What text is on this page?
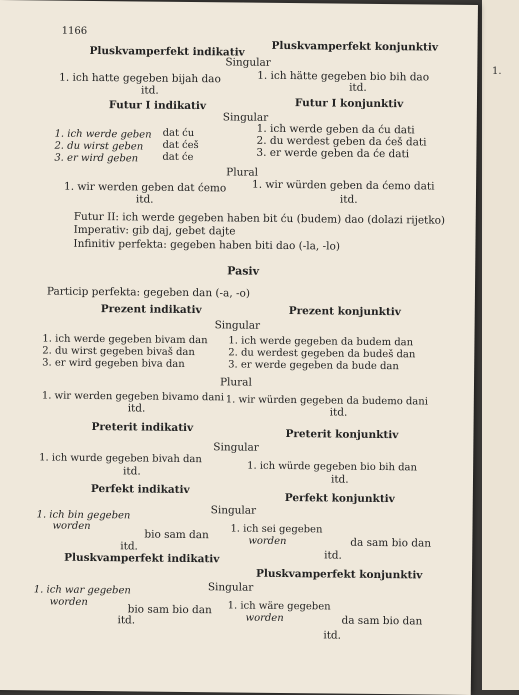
1.
1166
Pluskvamperfekt indikativ	Pluskvamperfekt konjunktiv
Singular
1. ich hatte gegeben bijah dao
itd.
1. ich hätte gegeben bio bih dao
itd.
Futur I indikativ	Futur I konjunktiv
Singular
1. ich werde geben dat ću
2. du wirst geben dat ćeš
3. er wird geben dat će
1. ich werde geben da ću dati
2. du werdest geben da ćeš dati
3. er werde geben da će dati
Plural
1. wir werden geben dat ćemo
itd.
1. wir würden geben da ćemo dati
itd.
Futur II: ich werde gegeben haben bit ću (budem) dao (dolazi rijetko)
Imperativ: gib daj, gebet dajte
Infinitiv perfekta: gegeben haben biti dao (-la, -lo)
Pasiv
Particip perfekta: gegeben dan (-a, -o)
Prezent indikativ	Prezent konjunktiv
Singular
1. ich werde gegeben bivam dan
2. du wirst gegeben bivaš dan
3. er wird gegeben biva dan
1. ich werde gegeben da budem dan
2. du werdest gegeben da budeš dan
3. er werde gegeben da bude dan
Plural
1. wir werden gegeben bivamo dani
itd.
1. wir würden gegeben da budemo dani
itd.
Preterit indikativ
Preterit konjunktiv
Singular
1. ich wurde gegeben bivah dan
itd.	1. ich würde gegeben bio bih dan
itd.
Perfekt indikativ
Perfekt konjunktiv
Singular
1. ich bin gegeben
worden
bio sam dan
itd.
1. ich sei gegeben
worden	da sam bio dan
itd.
Pluskvamperfekt indikativ
Pluskvamperfekt konjunktiv
Singular
1. ich war gegeben
worden
bio sam bio dan
itd.
1. ich wäre gegeben
worden	da sam bio dan
itd.
